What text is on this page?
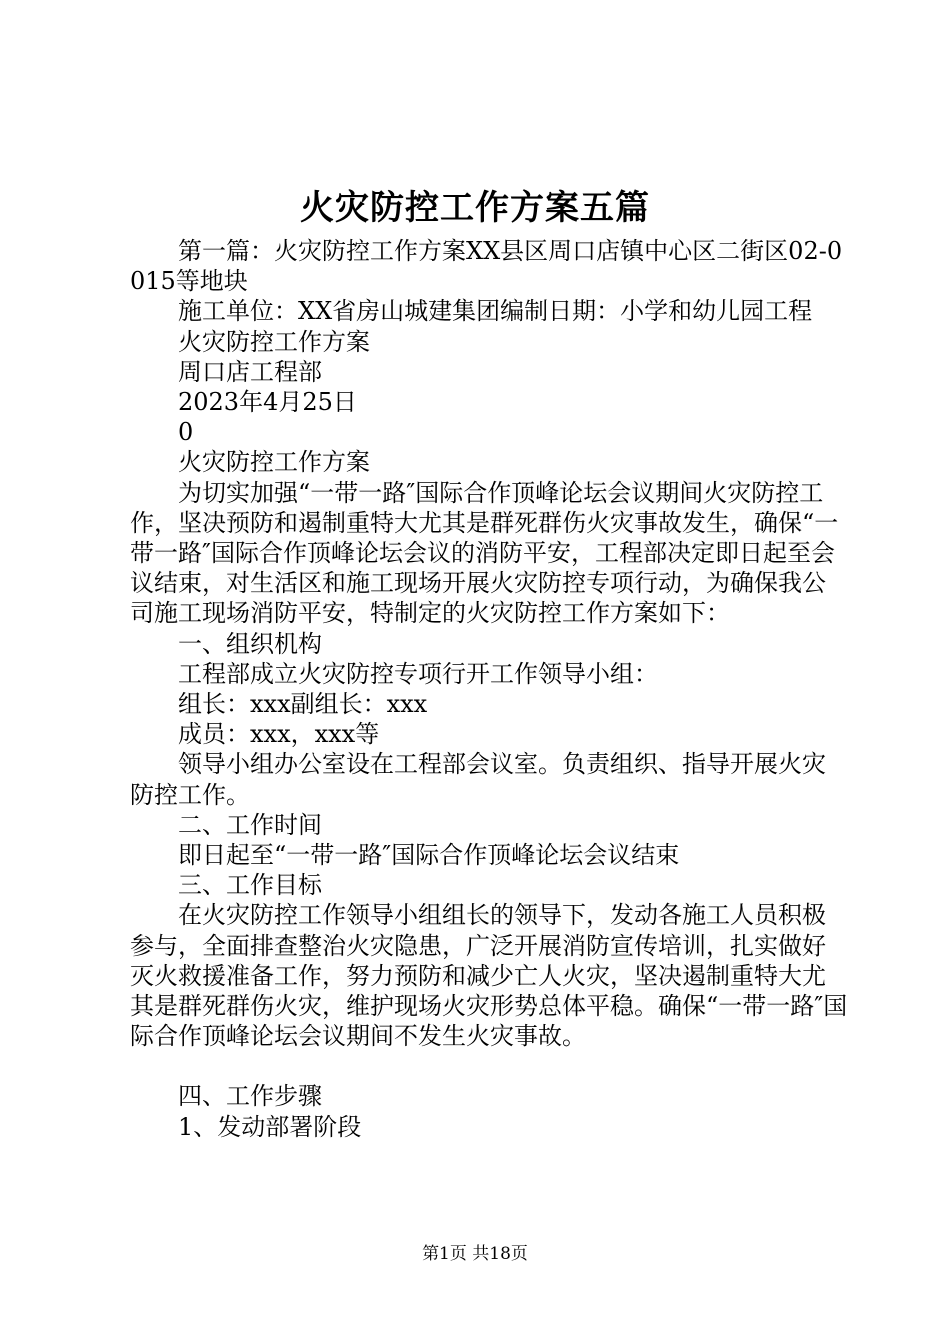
火灾防控工作方案五篇

第一篇：火灾防控工作方案XX县区周口店镇中心区二街区02-0015等地块

施工单位：XX省房山城建集团编制日期：小学和幼儿园工程

火灾防控工作方案

周口店工程部

2023年4月25日

0

火灾防控工作方案

为切实加强“一带一路″国际合作顶峰论坛会议期间火灾防控工作，坚决预防和遏制重特大尤其是群死群伤火灾事故发生，确保“一带一路″国际合作顶峰论坛会议的消防平安，工程部决定即日起至会议结束，对生活区和施工现场开展火灾防控专项行动，为确保我公司施工现场消防平安，特制定的火灾防控工作方案如下：

一、组织机构

工程部成立火灾防控专项行开工作领导小组：

组长：xxx副组长：xxx

成员：xxx，xxx等

领导小组办公室设在工程部会议室。负责组织、指导开展火灾防控工作。

二、工作时间

即日起至“一带一路″国际合作顶峰论坛会议结束

三、工作目标

在火灾防控工作领导小组组长的领导下，发动各施工人员积极参与，全面排查整治火灾隐患，广泛开展消防宣传培训，扎实做好灭火救援准备工作，努力预防和减少亡人火灾，坚决遏制重特大尤其是群死群伤火灾，维护现场火灾形势总体平稳。确保“一带一路″国际合作顶峰论坛会议期间不发生火灾事故。

四、工作步骤

1、发动部署阶段

第1页 共18页
